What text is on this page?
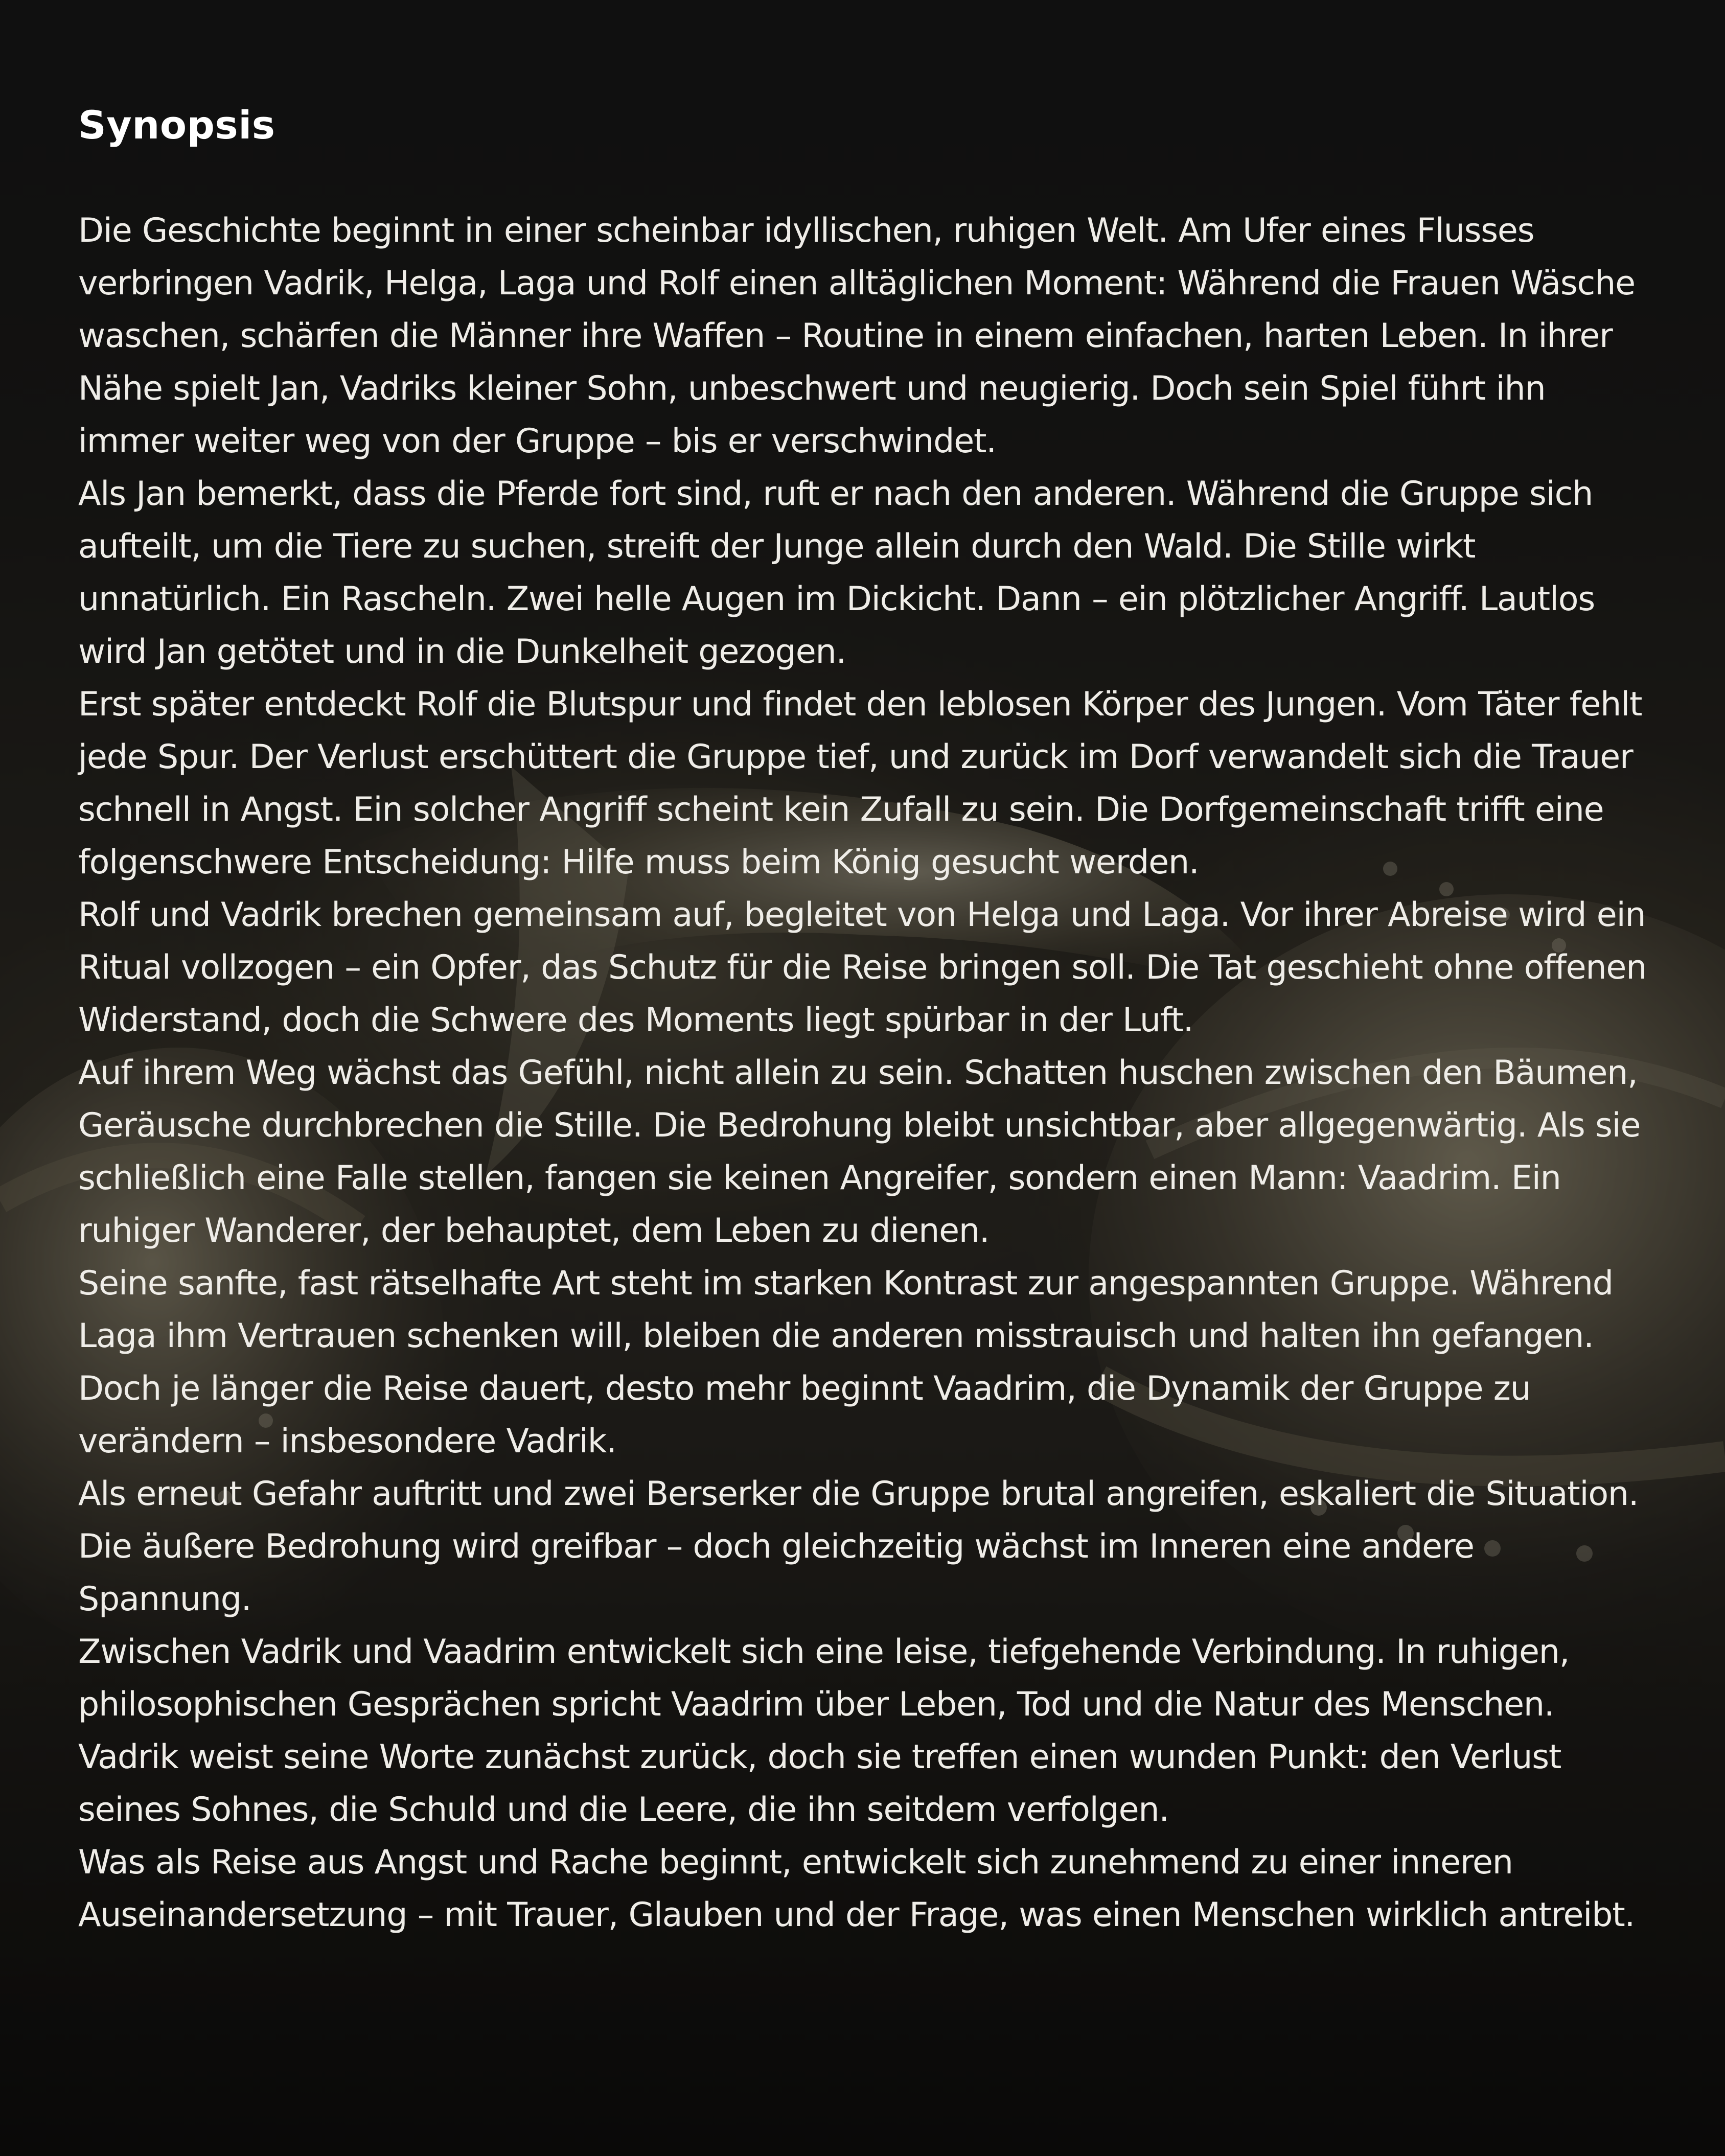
Synopsis

Die Geschichte beginnt in einer scheinbar idyllischen, ruhigen Welt. Am Ufer eines Flusses verbringen Vadrik, Helga, Laga und Rolf einen alltäglichen Moment: Während die Frauen Wäsche waschen, schärfen die Männer ihre Waffen – Routine in einem einfachen, harten Leben. In ihrer Nähe spielt Jan, Vadriks kleiner Sohn, unbeschwert und neugierig. Doch sein Spiel führt ihn immer weiter weg von der Gruppe – bis er verschwindet.

Als Jan bemerkt, dass die Pferde fort sind, ruft er nach den anderen. Während die Gruppe sich aufteilt, um die Tiere zu suchen, streift der Junge allein durch den Wald. Die Stille wirkt unnatürlich. Ein Rascheln. Zwei helle Augen im Dickicht. Dann – ein plötzlicher Angriff. Lautlos wird Jan getötet und in die Dunkelheit gezogen.

Erst später entdeckt Rolf die Blutspur und findet den leblosen Körper des Jungen. Vom Täter fehlt jede Spur. Der Verlust erschüttert die Gruppe tief, und zurück im Dorf verwandelt sich die Trauer schnell in Angst. Ein solcher Angriff scheint kein Zufall zu sein. Die Dorfgemeinschaft trifft eine folgenschwere Entscheidung: Hilfe muss beim König gesucht werden.

Rolf und Vadrik brechen gemeinsam auf, begleitet von Helga und Laga. Vor ihrer Abreise wird ein Ritual vollzogen – ein Opfer, das Schutz für die Reise bringen soll. Die Tat geschieht ohne offenen Widerstand, doch die Schwere des Moments liegt spürbar in der Luft.

Auf ihrem Weg wächst das Gefühl, nicht allein zu sein. Schatten huschen zwischen den Bäumen, Geräusche durchbrechen die Stille. Die Bedrohung bleibt unsichtbar, aber allgegenwärtig. Als sie schließlich eine Falle stellen, fangen sie keinen Angreifer, sondern einen Mann: Vaadrim. Ein ruhiger Wanderer, der behauptet, dem Leben zu dienen.

Seine sanfte, fast rätselhafte Art steht im starken Kontrast zur angespannten Gruppe. Während Laga ihm Vertrauen schenken will, bleiben die anderen misstrauisch und halten ihn gefangen. Doch je länger die Reise dauert, desto mehr beginnt Vaadrim, die Dynamik der Gruppe zu verändern – insbesondere Vadrik.

Als erneut Gefahr auftritt und zwei Berserker die Gruppe brutal angreifen, eskaliert die Situation. Die äußere Bedrohung wird greifbar – doch gleichzeitig wächst im Inneren eine andere Spannung.

Zwischen Vadrik und Vaadrim entwickelt sich eine leise, tiefgehende Verbindung. In ruhigen, philosophischen Gesprächen spricht Vaadrim über Leben, Tod und die Natur des Menschen. Vadrik weist seine Worte zunächst zurück, doch sie treffen einen wunden Punkt: den Verlust seines Sohnes, die Schuld und die Leere, die ihn seitdem verfolgen.

Was als Reise aus Angst und Rache beginnt, entwickelt sich zunehmend zu einer inneren Auseinandersetzung – mit Trauer, Glauben und der Frage, was einen Menschen wirklich antreibt.
